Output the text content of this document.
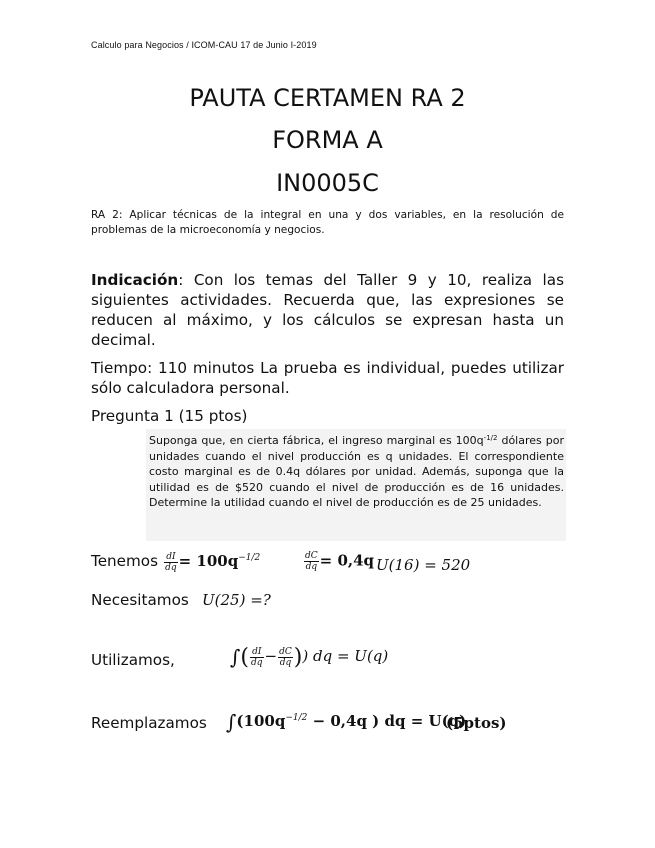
Calculo para Negocios / ICOM-CAU 17 de Junio I-2019
PAUTA CERTAMEN RA 2
FORMA A
IN0005C
RA 2: Aplicar técnicas de la integral en una y dos variables, en la resolución de problemas de la microeconomía y negocios.
Indicación: Con los temas del Taller 9 y 10, realiza las siguientes actividades. Recuerda que, las expresiones se reducen al máximo, y los cálculos se expresan hasta un decimal.
Tiempo: 110 minutos La prueba es individual, puedes utilizar sólo calculadora personal.
Pregunta 1 (15 ptos)
Suponga que, en cierta fábrica, el ingreso marginal es $100q^{-1/2}$ dólares por unidades cuando el nivel producción es q unidades. El correspondiente costo marginal es de 0.4q dólares por unidad. Además, suponga que la utilidad es de $520 cuando el nivel de producción es de 16 unidades. Determine la utilidad cuando el nivel de producción es de 25 unidades.
Tenemos $\frac{dI}{dq} = 100q^{-1/2}$	$\frac{dC}{dq} = 0,4q$ U(16) = 520
Necesitamos U(25) =?
Utilizamos,	∫( $\frac{dI}{dq} - \frac{dC}{dq}$ )) dq = U(q)
Reemplazamos $\int(100q^{-1/2} - 0,4q$ ) dq = U(q)
(5ptos)
